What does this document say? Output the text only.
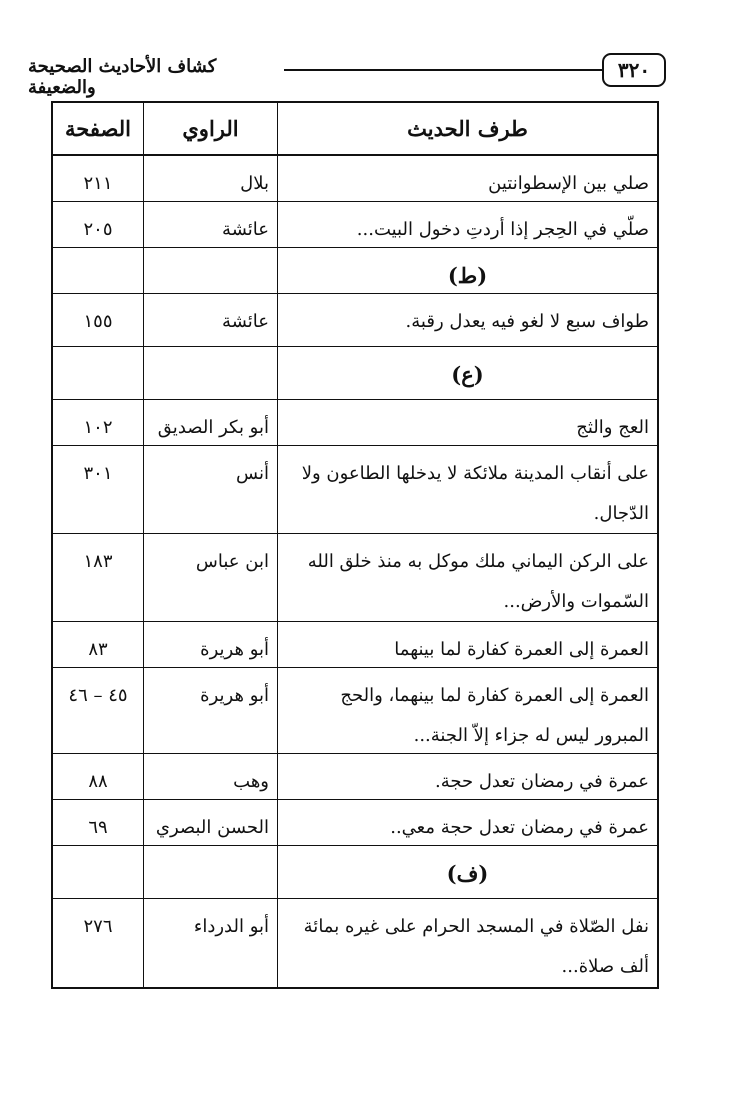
كشاف الأحاديث الصحيحة والضعيفة
٣٢٠
طرف الحديث
الراوي
الصفحة
صلي بين الإسطوانتين
بلال
٢١١
صلّي في الحِجر إذا أردتِ دخول البيت...
عائشة
٢٠٥
(ط)
طواف سبع لا لغو فيه يعدل رقبة.
عائشة
١٥٥
(ع)
العج والثج
أبو بكر الصديق
١٠٢
على أنقاب المدينة ملائكة لا يدخلها الطاعون ولا الدّجال.
أنس
٣٠١
على الركن اليماني ملك موكل به منذ خلق الله السّموات والأرض...
ابن عباس
١٨٣
العمرة إلى العمرة كفارة لما بينهما
أبو هريرة
٨٣
العمرة إلى العمرة كفارة لما بينهما، والحج المبرور ليس له جزاء إلاّ الجنة...
أبو هريرة
٤٥ – ٤٦
عمرة في رمضان تعدل حجة.
وهب
٨٨
عمرة في رمضان تعدل حجة معي..
الحسن البصري
٦٩
(ف)
نفل الصّلاة في المسجد الحرام على غيره بمائة ألف صلاة...
أبو الدرداء
٢٧٦
